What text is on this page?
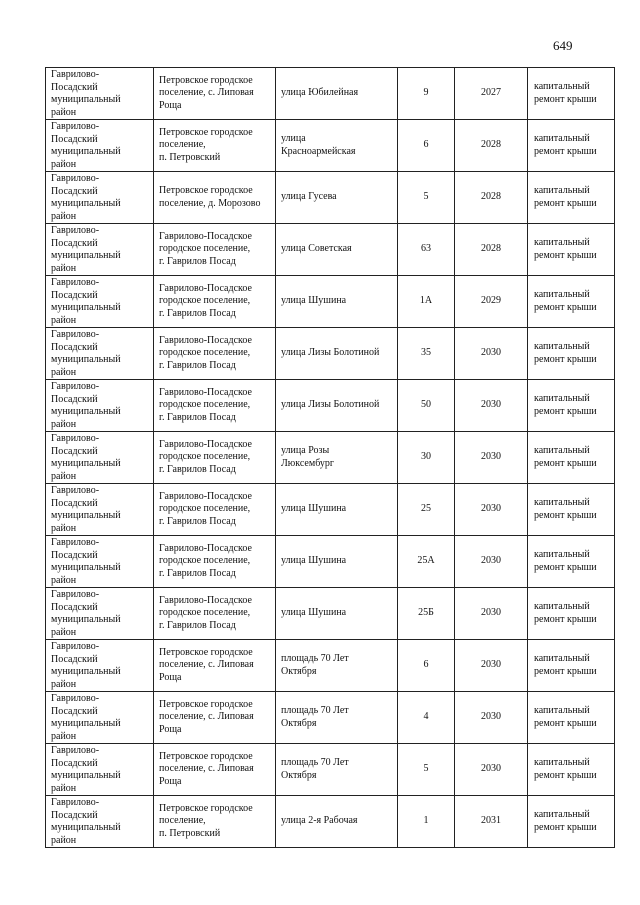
649
Гаврилово-
Посадский
муниципальный
район	Петровское городское
поселение, с. Липовая
Роща	улица Юбилейная	9	2027	капитальный
ремонт крыши

Гаврилово-
Посадский
муниципальный
район	Петровское городское
поселение,
п. Петровский	улица
Красноармейская	6	2028	капитальный
ремонт крыши

Гаврилово-
Посадский
муниципальный
район	Петровское городское
поселение, д. Морозово	улица Гусева	5	2028	капитальный
ремонт крыши

Гаврилово-
Посадский
муниципальный
район	Гаврилово-Посадское
городское поселение,
г. Гаврилов Посад	улица Советская	63	2028	капитальный
ремонт крыши

Гаврилово-
Посадский
муниципальный
район	Гаврилово-Посадское
городское поселение,
г. Гаврилов Посад	улица Шушина	1А	2029	капитальный
ремонт крыши

Гаврилово-
Посадский
муниципальный
район	Гаврилово-Посадское
городское поселение,
г. Гаврилов Посад	улица Лизы Болотиной	35	2030	капитальный
ремонт крыши

Гаврилово-
Посадский
муниципальный
район	Гаврилово-Посадское
городское поселение,
г. Гаврилов Посад	улица Лизы Болотиной	50	2030	капитальный
ремонт крыши

Гаврилово-
Посадский
муниципальный
район	Гаврилово-Посадское
городское поселение,
г. Гаврилов Посад	улица Розы
Люксембург	30	2030	капитальный
ремонт крыши

Гаврилово-
Посадский
муниципальный
район	Гаврилово-Посадское
городское поселение,
г. Гаврилов Посад	улица Шушина	25	2030	капитальный
ремонт крыши

Гаврилово-
Посадский
муниципальный
район	Гаврилово-Посадское
городское поселение,
г. Гаврилов Посад	улица Шушина	25А	2030	капитальный
ремонт крыши

Гаврилово-
Посадский
муниципальный
район	Гаврилово-Посадское
городское поселение,
г. Гаврилов Посад	улица Шушина	25Б	2030	капитальный
ремонт крыши

Гаврилово-
Посадский
муниципальный
район	Петровское городское
поселение, с. Липовая
Роща	площадь 70 Лет
Октября	6	2030	капитальный
ремонт крыши

Гаврилово-
Посадский
муниципальный
район	Петровское городское
поселение, с. Липовая
Роща	площадь 70 Лет
Октября	4	2030	капитальный
ремонт крыши

Гаврилово-
Посадский
муниципальный
район	Петровское городское
поселение, с. Липовая
Роща	площадь 70 Лет
Октября	5	2030	капитальный
ремонт крыши

Гаврилово-
Посадский
муниципальный
район	Петровское городское
поселение,
п. Петровский	улица 2-я Рабочая	1	2031	капитальный
ремонт крыши
